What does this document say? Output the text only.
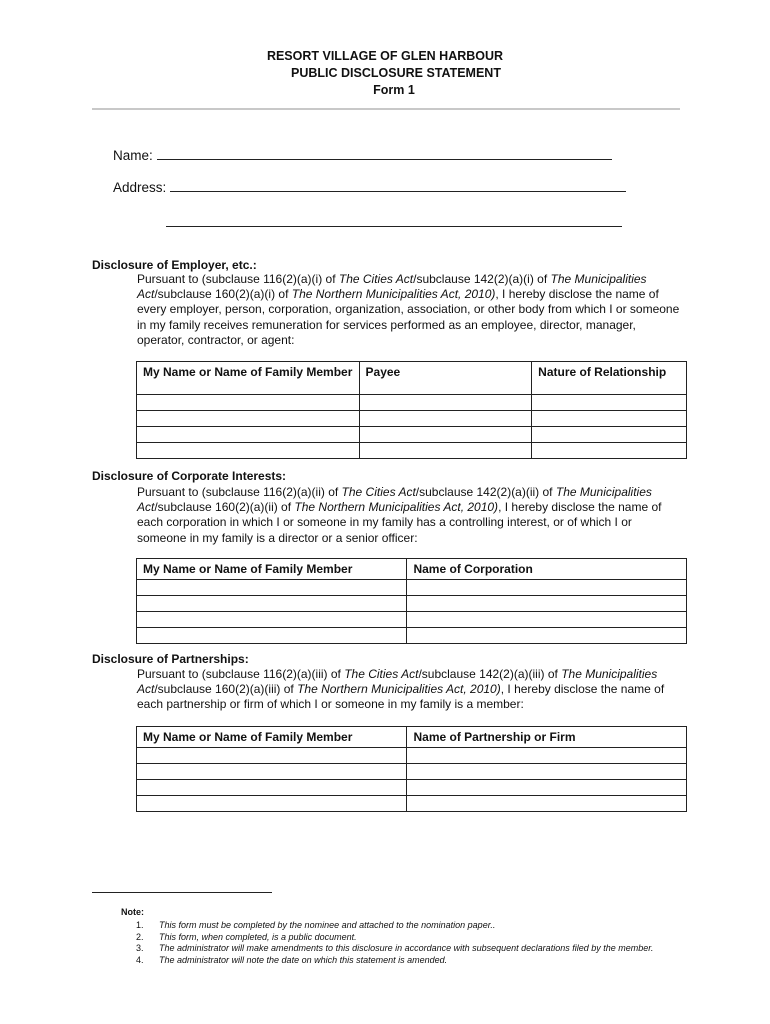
RESORT VILLAGE OF GLEN HARBOUR
PUBLIC DISCLOSURE STATEMENT
Form 1
Name:
Address:
Disclosure of Employer, etc.:
Pursuant to (subclause 116(2)(a)(i) of The Cities Act/subclause 142(2)(a)(i) of The Municipalities Act/subclause 160(2)(a)(i) of The Northern Municipalities Act, 2010), I hereby disclose the name of every employer, person, corporation, organization, association, or other body from which I or someone in my family receives remuneration for services performed as an employee, director, manager, operator, contractor, or agent:
My Name or Name of Family Member	Payee	Nature of Relationship

Disclosure of Corporate Interests:
Pursuant to (subclause 116(2)(a)(ii) of The Cities Act/subclause 142(2)(a)(ii) of The Municipalities Act/subclause 160(2)(a)(ii) of The Northern Municipalities Act, 2010), I hereby disclose the name of each corporation in which I or someone in my family has a controlling interest, or of which I or someone in my family is a director or a senior officer:
My Name or Name of Family Member	Name of Corporation

Disclosure of Partnerships:
Pursuant to (subclause 116(2)(a)(iii) of The Cities Act/subclause 142(2)(a)(iii) of The Municipalities Act/subclause 160(2)(a)(iii) of The Northern Municipalities Act, 2010), I hereby disclose the name of each partnership or firm of which I or someone in my family is a member:
My Name or Name of Family Member	Name of Partnership or Firm

Note:
1.	This form must be completed by the nominee and attached to the nomination paper..
2.	This form, when completed, is a public document.
3.	The administrator will make amendments to this disclosure in accordance with subsequent declarations filed by the member.
4.	The administrator will note the date on which this statement is amended.
